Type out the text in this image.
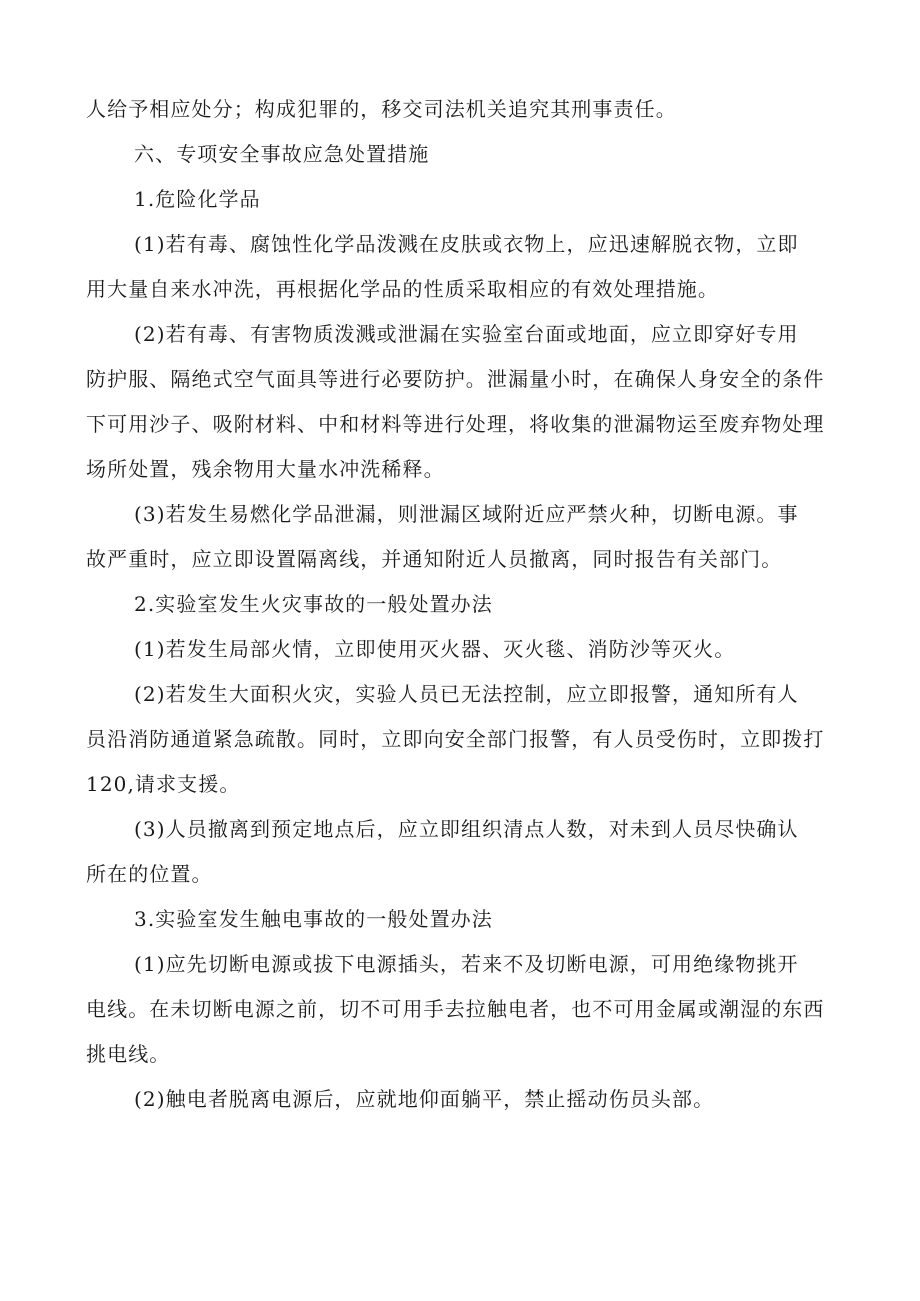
人给予相应处分；构成犯罪的，移交司法机关追究其刑事责任。
六、专项安全事故应急处置措施
1.危险化学品
(1)若有毒、腐蚀性化学品泼溅在皮肤或衣物上，应迅速解脱衣物，立即
用大量自来水冲洗，再根据化学品的性质采取相应的有效处理措施。
(2)若有毒、有害物质泼溅或泄漏在实验室台面或地面，应立即穿好专用
防护服、隔绝式空气面具等进行必要防护。泄漏量小时，在确保人身安全的条件
下可用沙子、吸附材料、中和材料等进行处理，将收集的泄漏物运至废弃物处理
场所处置，残余物用大量水冲洗稀释。
(3)若发生易燃化学品泄漏，则泄漏区域附近应严禁火种，切断电源。事
故严重时，应立即设置隔离线，并通知附近人员撤离，同时报告有关部门。
2.实验室发生火灾事故的一般处置办法
(1)若发生局部火情，立即使用灭火器、灭火毯、消防沙等灭火。
(2)若发生大面积火灾，实验人员已无法控制，应立即报警，通知所有人
员沿消防通道紧急疏散。同时，立即向安全部门报警，有人员受伤时，立即拨打
120,请求支援。
(3)人员撤离到预定地点后，应立即组织清点人数，对未到人员尽快确认
所在的位置。
3.实验室发生触电事故的一般处置办法
(1)应先切断电源或拔下电源插头，若来不及切断电源，可用绝缘物挑开
电线。在未切断电源之前，切不可用手去拉触电者，也不可用金属或潮湿的东西
挑电线。
(2)触电者脱离电源后，应就地仰面躺平，禁止摇动伤员头部。
